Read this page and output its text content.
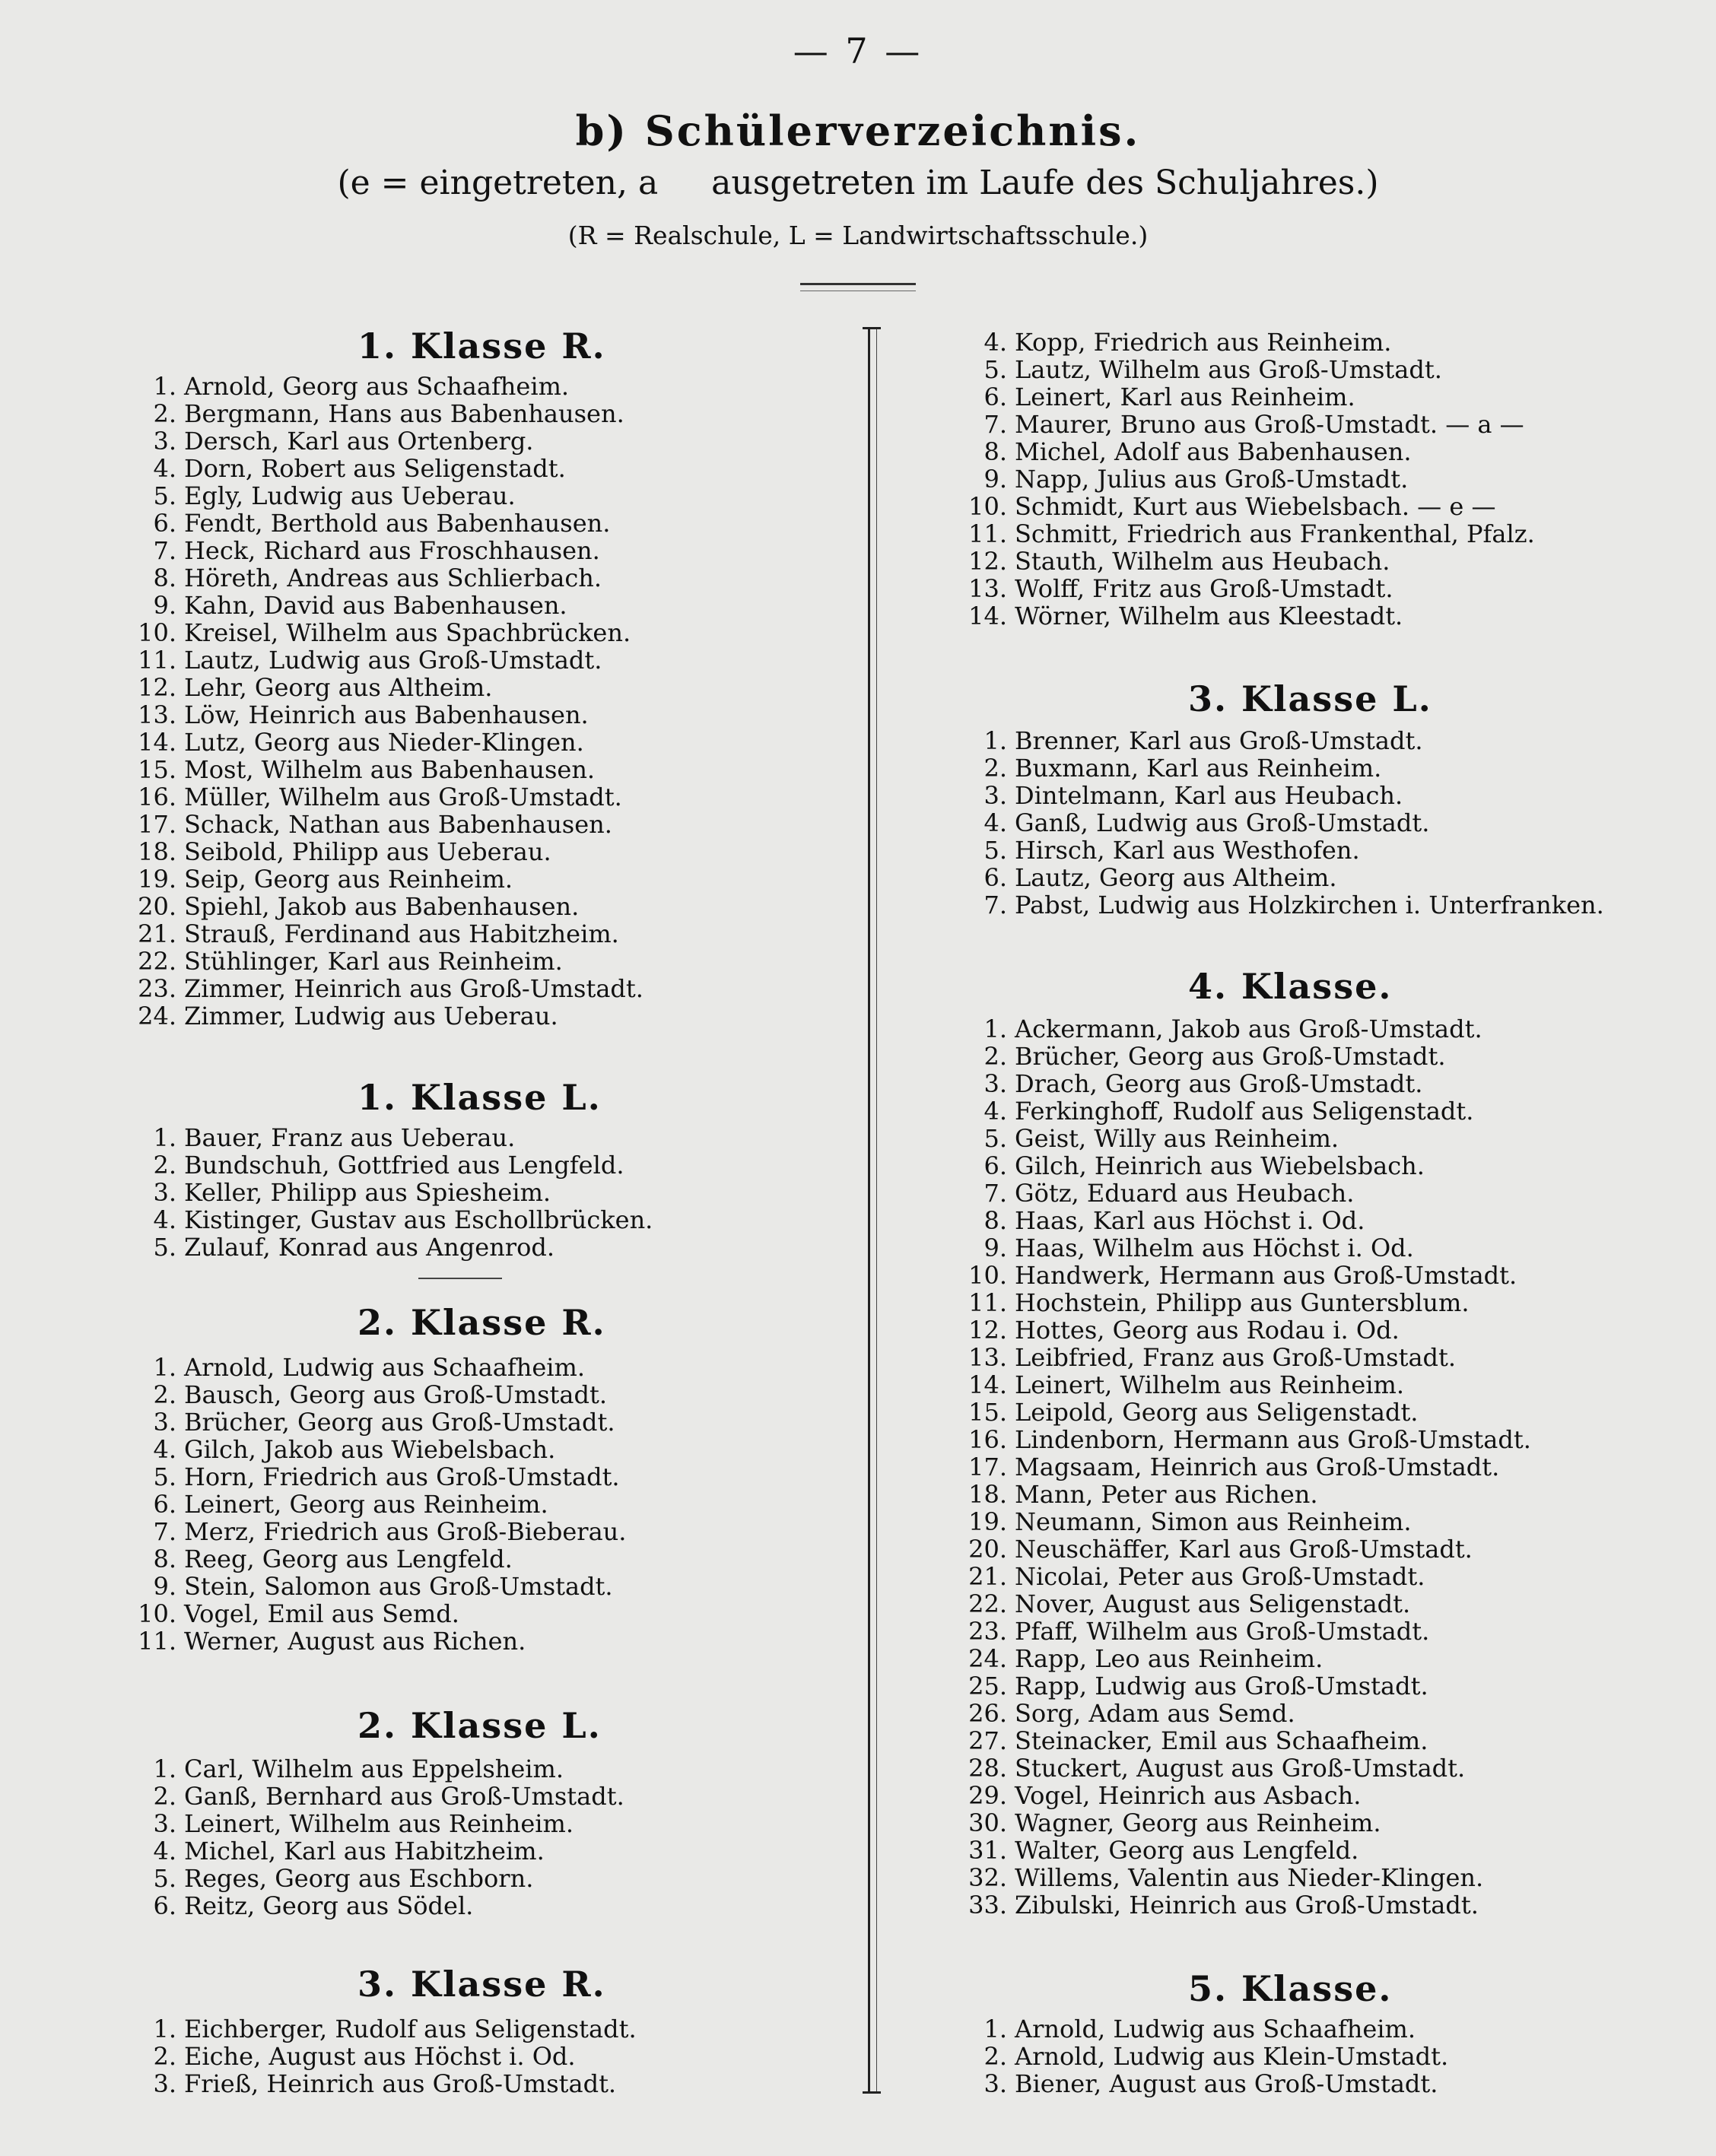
— 7 —
b) Schülerverzeichnis.
(e = eingetreten, a ausgetreten im Laufe des Schuljahres.)
(R = Realschule, L = Landwirtschaftsschule.)
1. Klasse R.
1. Arnold, Georg aus Schaafheim.
2. Bergmann, Hans aus Babenhausen.
3. Dersch, Karl aus Ortenberg.
4. Dorn, Robert aus Seligenstadt.
5. Egly, Ludwig aus Ueberau.
6. Fendt, Berthold aus Babenhausen.
7. Heck, Richard aus Froschhausen.
8. Höreth, Andreas aus Schlierbach.
9. Kahn, David aus Babenhausen.
10. Kreisel, Wilhelm aus Spachbrücken.
11. Lautz, Ludwig aus Groß-Umstadt.
12. Lehr, Georg aus Altheim.
13. Löw, Heinrich aus Babenhausen.
14. Lutz, Georg aus Nieder-Klingen.
15. Most, Wilhelm aus Babenhausen.
16. Müller, Wilhelm aus Groß-Umstadt.
17. Schack, Nathan aus Babenhausen.
18. Seibold, Philipp aus Ueberau.
19. Seip, Georg aus Reinheim.
20. Spiehl, Jakob aus Babenhausen.
21. Strauß, Ferdinand aus Habitzheim.
22. Stühlinger, Karl aus Reinheim.
23. Zimmer, Heinrich aus Groß-Umstadt.
24. Zimmer, Ludwig aus Ueberau.
1. Klasse L.
1. Bauer, Franz aus Ueberau.
2. Bundschuh, Gottfried aus Lengfeld.
3. Keller, Philipp aus Spiesheim.
4. Kistinger, Gustav aus Eschollbrücken.
5. Zulauf, Konrad aus Angenrod.
2. Klasse R.
1. Arnold, Ludwig aus Schaafheim.
2. Bausch, Georg aus Groß-Umstadt.
3. Brücher, Georg aus Groß-Umstadt.
4. Gilch, Jakob aus Wiebelsbach.
5. Horn, Friedrich aus Groß-Umstadt.
6. Leinert, Georg aus Reinheim.
7. Merz, Friedrich aus Groß-Bieberau.
8. Reeg, Georg aus Lengfeld.
9. Stein, Salomon aus Groß-Umstadt.
10. Vogel, Emil aus Semd.
11. Werner, August aus Richen.
2. Klasse L.
1. Carl, Wilhelm aus Eppelsheim.
2. Ganß, Bernhard aus Groß-Umstadt.
3. Leinert, Wilhelm aus Reinheim.
4. Michel, Karl aus Habitzheim.
5. Reges, Georg aus Eschborn.
6. Reitz, Georg aus Södel.
3. Klasse R.
1. Eichberger, Rudolf aus Seligenstadt.
2. Eiche, August aus Höchst i. Od.
3. Frieß, Heinrich aus Groß-Umstadt.
4. Kopp, Friedrich aus Reinheim.
5. Lautz, Wilhelm aus Groß-Umstadt.
6. Leinert, Karl aus Reinheim.
7. Maurer, Bruno aus Groß-Umstadt. — a —
8. Michel, Adolf aus Babenhausen.
9. Napp, Julius aus Groß-Umstadt.
10. Schmidt, Kurt aus Wiebelsbach. — e —
11. Schmitt, Friedrich aus Frankenthal, Pfalz.
12. Stauth, Wilhelm aus Heubach.
13. Wolff, Fritz aus Groß-Umstadt.
14. Wörner, Wilhelm aus Kleestadt.
3. Klasse L.
1. Brenner, Karl aus Groß-Umstadt.
2. Buxmann, Karl aus Reinheim.
3. Dintelmann, Karl aus Heubach.
4. Ganß, Ludwig aus Groß-Umstadt.
5. Hirsch, Karl aus Westhofen.
6. Lautz, Georg aus Altheim.
7. Pabst, Ludwig aus Holzkirchen i. Unterfranken.
4. Klasse.
1. Ackermann, Jakob aus Groß-Umstadt.
2. Brücher, Georg aus Groß-Umstadt.
3. Drach, Georg aus Groß-Umstadt.
4. Ferkinghoff, Rudolf aus Seligenstadt.
5. Geist, Willy aus Reinheim.
6. Gilch, Heinrich aus Wiebelsbach.
7. Götz, Eduard aus Heubach.
8. Haas, Karl aus Höchst i. Od.
9. Haas, Wilhelm aus Höchst i. Od.
10. Handwerk, Hermann aus Groß-Umstadt.
11. Hochstein, Philipp aus Guntersblum.
12. Hottes, Georg aus Rodau i. Od.
13. Leibfried, Franz aus Groß-Umstadt.
14. Leinert, Wilhelm aus Reinheim.
15. Leipold, Georg aus Seligenstadt.
16. Lindenborn, Hermann aus Groß-Umstadt.
17. Magsaam, Heinrich aus Groß-Umstadt.
18. Mann, Peter aus Richen.
19. Neumann, Simon aus Reinheim.
20. Neuschäffer, Karl aus Groß-Umstadt.
21. Nicolai, Peter aus Groß-Umstadt.
22. Nover, August aus Seligenstadt.
23. Pfaff, Wilhelm aus Groß-Umstadt.
24. Rapp, Leo aus Reinheim.
25. Rapp, Ludwig aus Groß-Umstadt.
26. Sorg, Adam aus Semd.
27. Steinacker, Emil aus Schaafheim.
28. Stuckert, August aus Groß-Umstadt.
29. Vogel, Heinrich aus Asbach.
30. Wagner, Georg aus Reinheim.
31. Walter, Georg aus Lengfeld.
32. Willems, Valentin aus Nieder-Klingen.
33. Zibulski, Heinrich aus Groß-Umstadt.
5. Klasse.
1. Arnold, Ludwig aus Schaafheim.
2. Arnold, Ludwig aus Klein-Umstadt.
3. Biener, August aus Groß-Umstadt.
